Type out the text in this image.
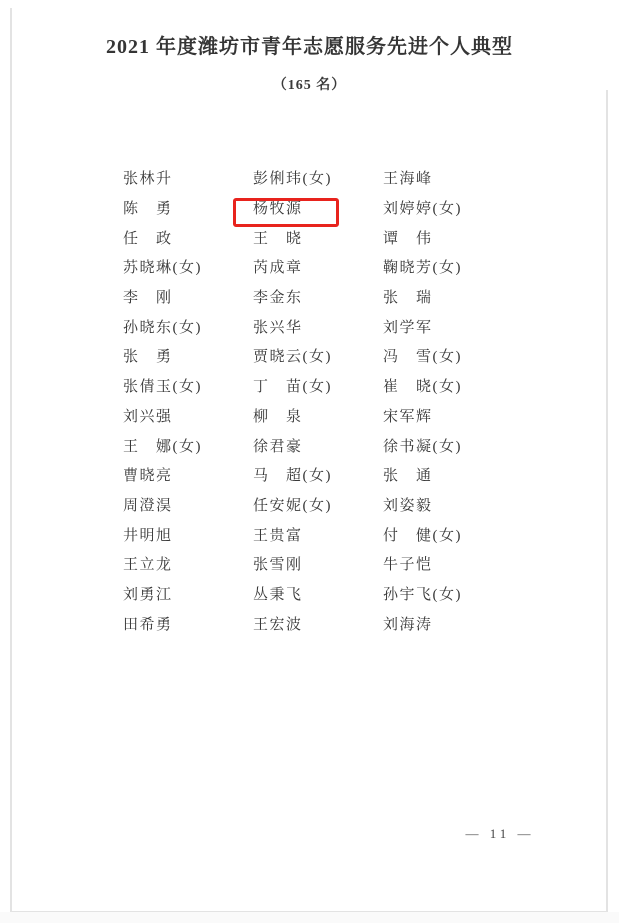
2021 年度潍坊市青年志愿服务先进个人典型
（165 名）
张林升	彭俐玮(女)	王海峰
陈　勇	杨牧源	刘婷婷(女)
任　政	王　晓	谭　伟
苏晓琳(女)	芮成章	鞠晓芳(女)
李　刚	李金东	张　瑞
孙晓东(女)	张兴华	刘学军
张　勇	贾晓云(女)	冯　雪(女)
张倩玉(女)	丁　苗(女)	崔　晓(女)
刘兴强	柳　泉	宋军辉
王　娜(女)	徐君豪	徐书凝(女)
曹晓亮	马　超(女)	张　通
周澄淏	任安妮(女)	刘姿毅
井明旭	王贵富	付　健(女)
王立龙	张雪刚	牛子恺
刘勇江	丛秉飞	孙宇飞(女)
田希勇	王宏波	刘海涛
— 11 —
